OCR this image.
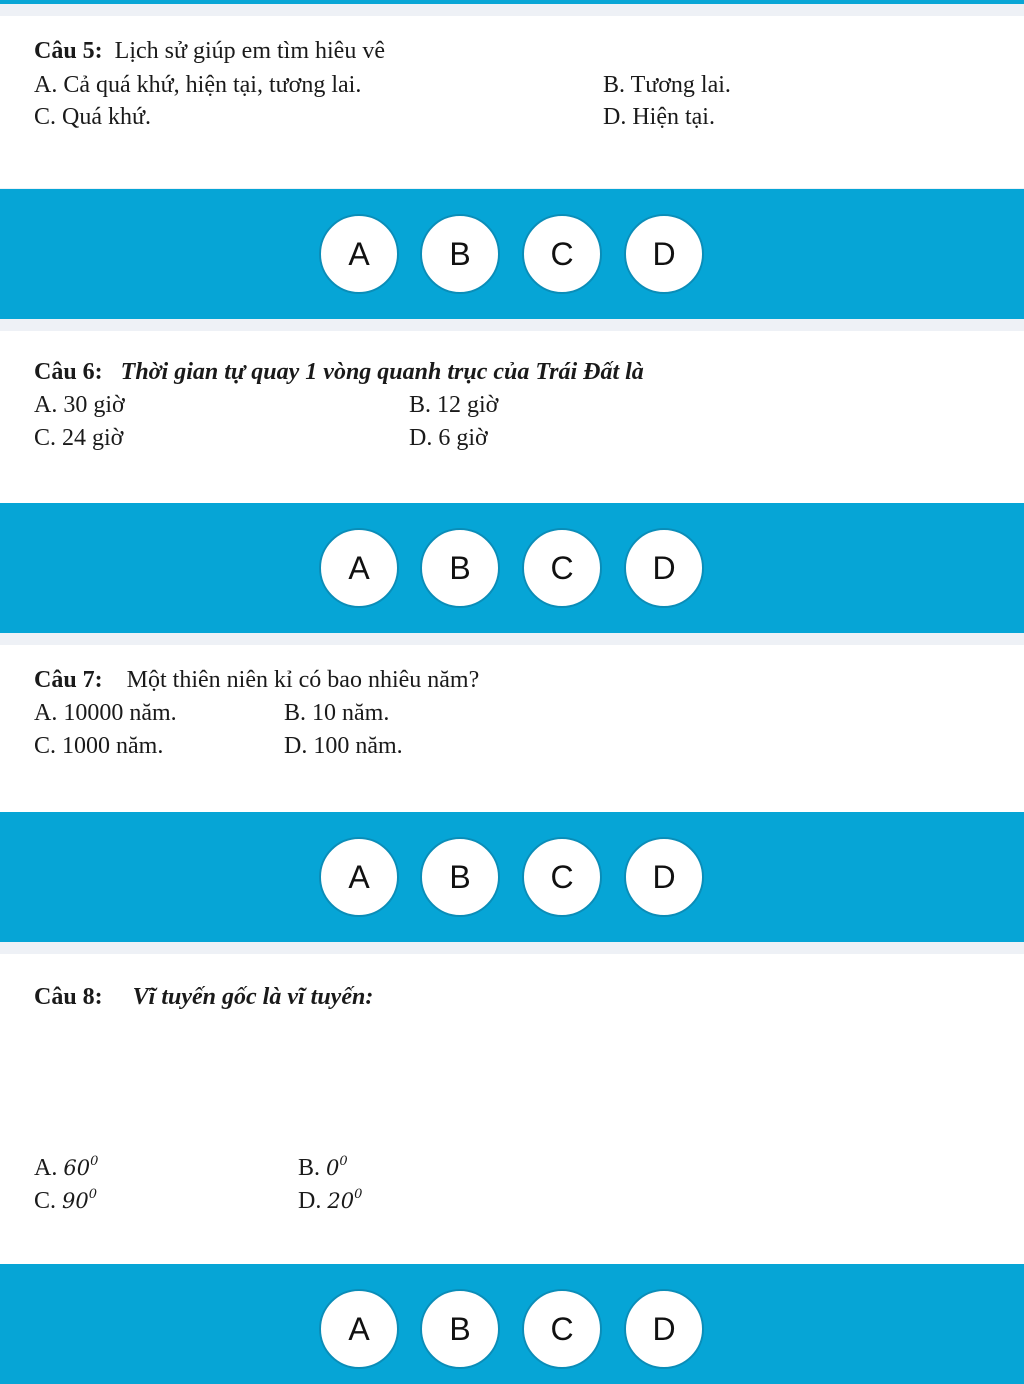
Câu 5: Lịch sử giúp em tìm hiêu vê
A. Cả quá khứ, hiện tại, tương lai.	B. Tương lai.
C. Quá khứ.	D. Hiện tại.
A	B	C	D
Câu 6: Thời gian tự quay 1 vòng quanh trục của Trái Đất là
A. 30 giờ	B. 12 giờ
C. 24 giờ	D. 6 giờ
A	B	C	D
Câu 7: Một thiên niên kỉ có bao nhiêu năm?
A. 10000 năm.	B. 10 năm.
C. 1000 năm.	D. 100 năm.
A	B	C	D
Câu 8: Vĩ tuyến gốc là vĩ tuyến:
A. $60^0$	B. $0^0$
C. $90^0$	D. $20^0$
A	B	C	D
